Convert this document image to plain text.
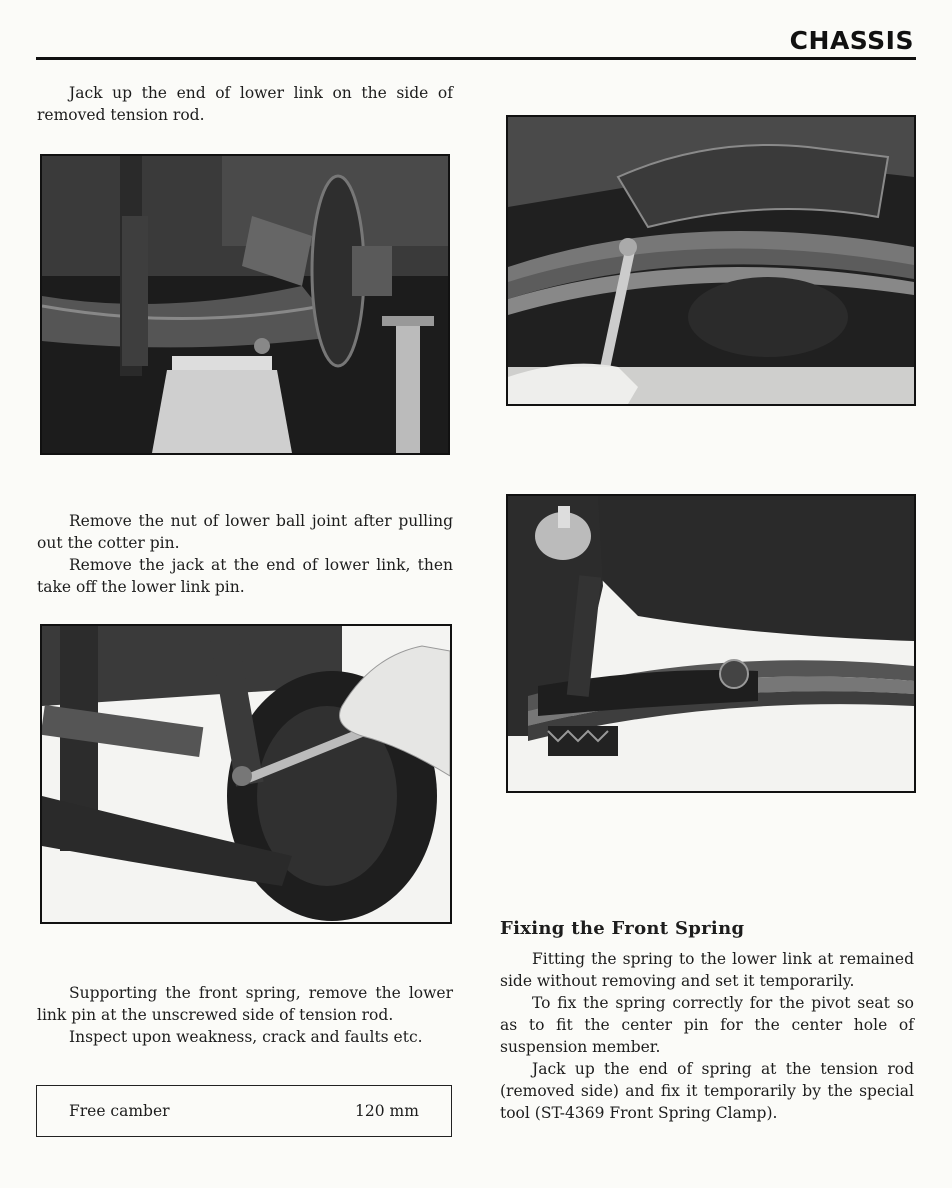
CHASSIS

Jack up the end of lower link on the side of removed tension rod.

Remove the nut of lower ball joint after pulling out the cotter pin.

Remove the jack at the end of lower link, then take off the lower link pin.

Supporting the front spring, remove the lower link pin at the unscrewed side of tension rod.

Inspect upon weakness, crack and faults etc.

Free camber	120 mm
Fixing the Front Spring

Fitting the spring to the lower link at remained side without removing and set it temporarily.

To fix the spring correctly for the pivot seat so as to fit the center pin for the center hole of suspension member.

Jack up the end of spring at the tension rod (removed side) and fix it temporarily by the special tool (ST-4369 Front Spring Clamp).
